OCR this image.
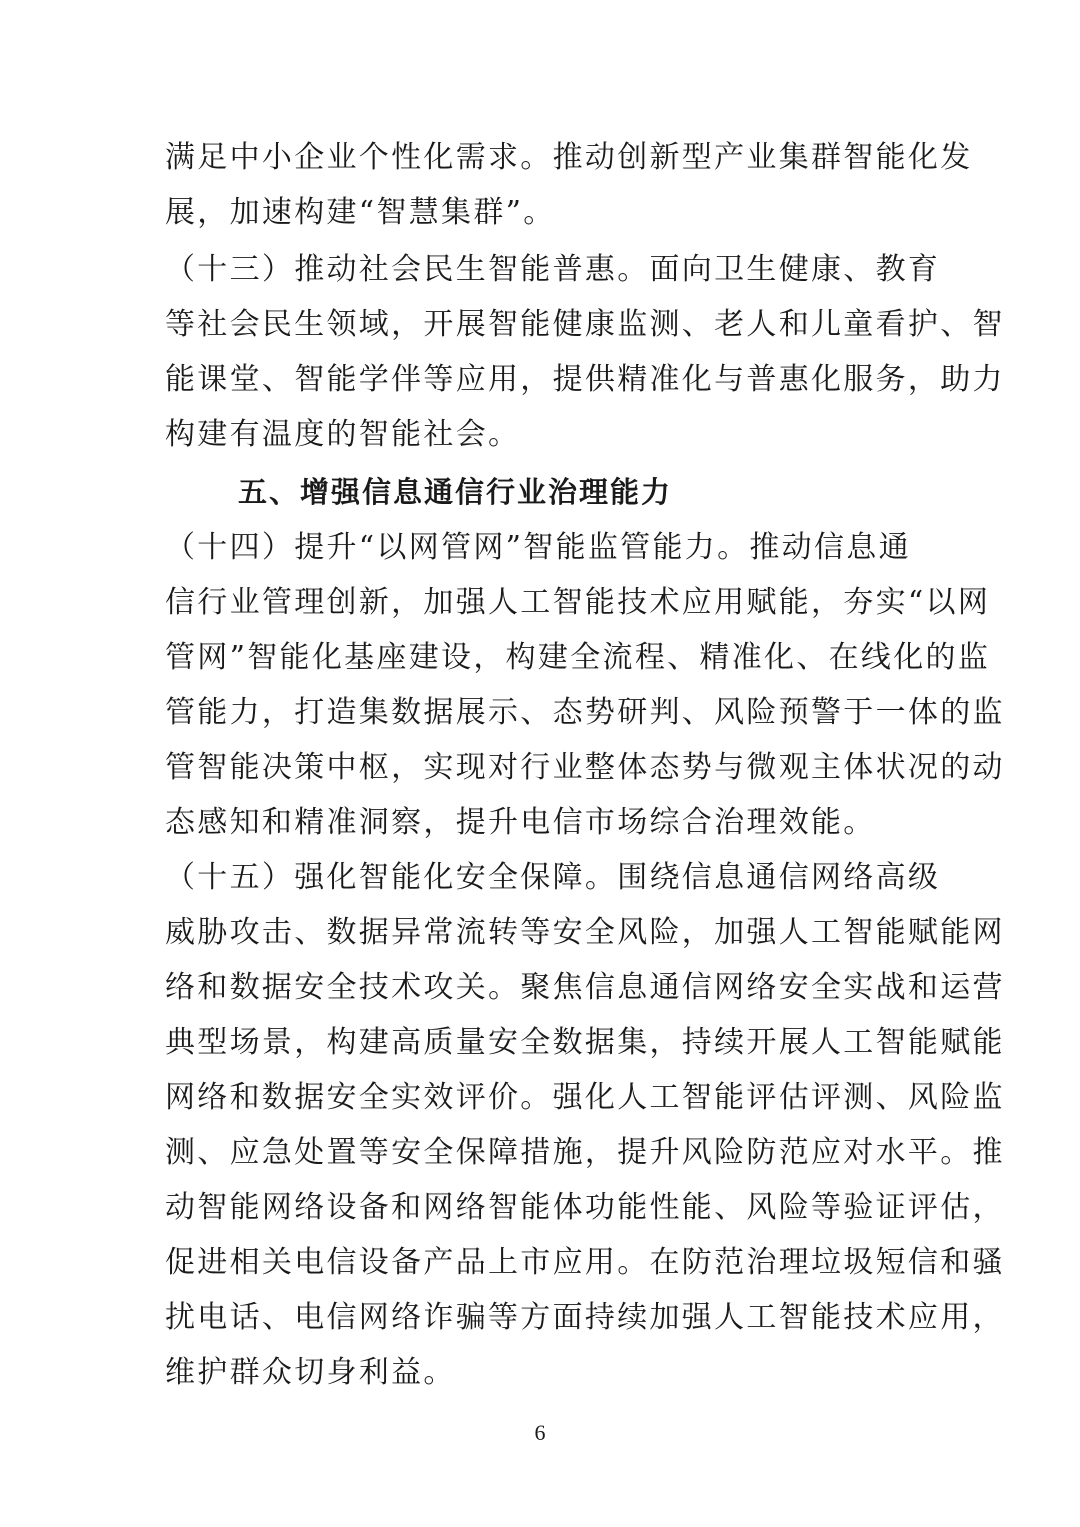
满足中小企业个性化需求。推动创新型产业集群智能化发
展，加速构建“智慧集群”。
（十三）推动社会民生智能普惠。面向卫生健康、教育
等社会民生领域，开展智能健康监测、老人和儿童看护、智
能课堂、智能学伴等应用，提供精准化与普惠化服务，助力
构建有温度的智能社会。
五、增强信息通信行业治理能力
（十四）提升“以网管网”智能监管能力。推动信息通
信行业管理创新，加强人工智能技术应用赋能，夯实“以网
管网”智能化基座建设，构建全流程、精准化、在线化的监
管能力，打造集数据展示、态势研判、风险预警于一体的监
管智能决策中枢，实现对行业整体态势与微观主体状况的动
态感知和精准洞察，提升电信市场综合治理效能。
（十五）强化智能化安全保障。围绕信息通信网络高级
威胁攻击、数据异常流转等安全风险，加强人工智能赋能网
络和数据安全技术攻关。聚焦信息通信网络安全实战和运营
典型场景，构建高质量安全数据集，持续开展人工智能赋能
网络和数据安全实效评价。强化人工智能评估评测、风险监
测、应急处置等安全保障措施，提升风险防范应对水平。推
动智能网络设备和网络智能体功能性能、风险等验证评估，
促进相关电信设备产品上市应用。在防范治理垃圾短信和骚
扰电话、电信网络诈骗等方面持续加强人工智能技术应用，
维护群众切身利益。
6
